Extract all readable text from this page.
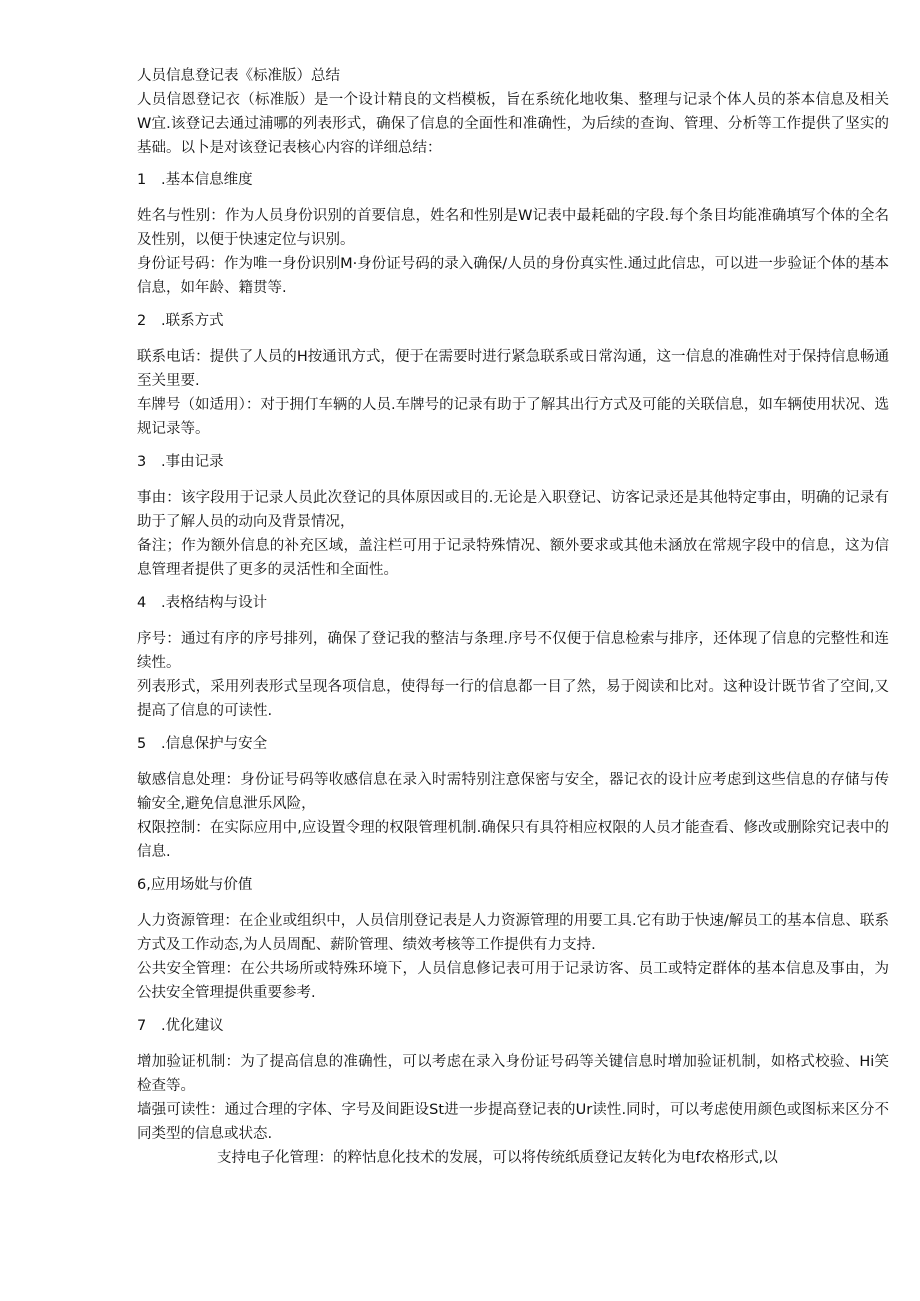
人员信息登记表《标准版）总结

人员信恩登记衣（标准版）是一个设计精良的文档模板，旨在系统化地收集、整理与记录个体人员的茶本信息及相关W宜.该登记去通过浦哪的列表形式，确保了信息的全面性和准确性，为后续的查询、管理、分析等工作提供了坚实的基础。以卜是对该登记表核心内容的详细总结：

1 .基本信息维度

姓名与性别：作为人员身份识别的首要信息，姓名和性别是W记表中最耗础的字段.每个条目均能准确填写个体的全名及性别，以便于快速定位与识别。

身份证号码：作为唯一身份识别M·身份证号码的录入确保/人员的身份真实性.通过此信忠，可以进一步验证个体的基本信息，如年龄、籍贯等.

2 .联系方式

联系电话：提供了人员的H按通讯方式，便于在需要时进行紧急联系或日常沟通，这一信息的准确性对于保持信息畅通至关里要.

车牌号（如适用）：对于拥仃车辆的人员.车牌号的记录有助于了解其出行方式及可能的关联信息，如车辆使用状况、选规记录等。

3 .事由记录

事由：该字段用于记录人员此次登记的具体原因或目的.无论是入职登记、访客记录还是其他特定事由，明确的记录有助于了解人员的动向及背景情况，

备注；作为额外信息的补充区域，盖注栏可用于记录特殊情况、额外要求或其他未涵放在常规字段中的信息，这为信息管理者提供了更多的灵活性和全面性。

4 .表格结构与设计

序号：通过有序的序号排列，确保了登记我的整洁与条理.序号不仅便于信息检索与排序，还体现了信息的完整性和连续性。

列表形式，采用列表形式呈现各项信息，使得每一行的信息都一目了然，易于阅读和比对。这种设计既节省了空间,又提高了信息的可读性.

5 .信息保护与安全

敏感信息处理：身份证号码等收感信息在录入时需特别注意保密与安全，器记衣的设计应考虑到这些信息的存储与传输安全,避免信息泄乐风险，

权限控制：在实际应用中,应设置令理的权限管理机制.确保只有具符相应权限的人员才能查看、修改或删除究记表中的信息.

6,应用场妣与价值

人力资源管理：在企业或组织中，人员信刖登记表是人力资源管理的用要工具.它有助于快速/解员工的基本信息、联系方式及工作动态,为人员周配、薪阶管理、绩效考核等工作提供有力支持.

公共安全管理：在公共场所或特殊环境下，人员信息修记表可用于记录访客、员工或特定群体的基本信息及事由，为公扶安全管理提供重要参考.

7 .优化建议

增加验证机制：为了提高信息的准确性，可以考虑在录入身份证号码等关键信息时增加验证机制，如格式校验、Hi笑检查等。

墙强可读性：通过合理的字体、字号及间距设St进一步提高登记表的Ur读性.同时，可以考虑使用颜色或图标来区分不同类型的信息或状态.

支持电子化管理：的粹怙息化技术的发展，可以将传统纸质登记友转化为电f农格形式,以
